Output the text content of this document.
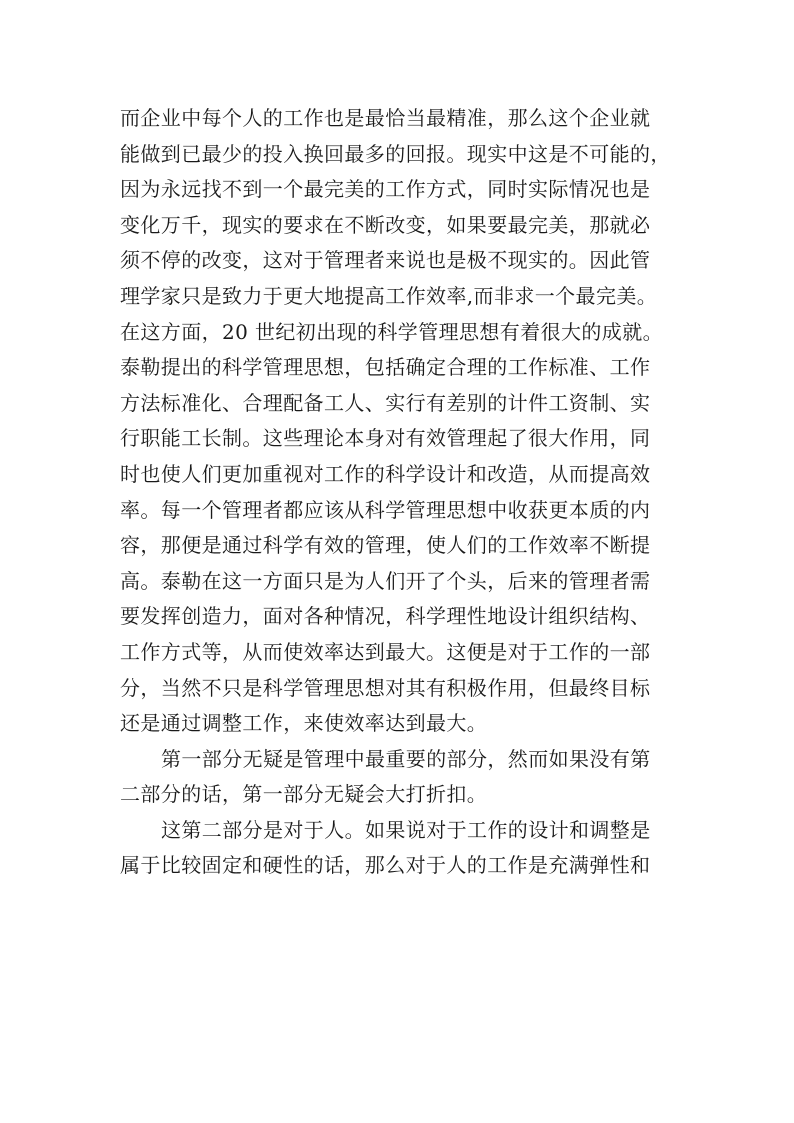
而企业中每个人的工作也是最恰当最精准，那么这个企业就
能做到已最少的投入换回最多的回报。现实中这是不可能的，
因为永远找不到一个最完美的工作方式，同时实际情况也是
变化万千，现实的要求在不断改变，如果要最完美，那就必
须不停的改变，这对于管理者来说也是极不现实的。因此管
理学家只是致力于更大地提高工作效率,而非求一个最完美。
在这方面，20 世纪初出现的科学管理思想有着很大的成就。
泰勒提出的科学管理思想，包括确定合理的工作标准、工作
方法标准化、合理配备工人、实行有差别的计件工资制、实
行职能工长制。这些理论本身对有效管理起了很大作用，同
时也使人们更加重视对工作的科学设计和改造，从而提高效
率。每一个管理者都应该从科学管理思想中收获更本质的内
容，那便是通过科学有效的管理，使人们的工作效率不断提
高。泰勒在这一方面只是为人们开了个头，后来的管理者需
要发挥创造力，面对各种情况，科学理性地设计组织结构、
工作方式等，从而使效率达到最大。这便是对于工作的一部
分，当然不只是科学管理思想对其有积极作用，但最终目标
还是通过调整工作，来使效率达到最大。
第一部分无疑是管理中最重要的部分，然而如果没有第
二部分的话，第一部分无疑会大打折扣。
这第二部分是对于人。如果说对于工作的设计和调整是
属于比较固定和硬性的话，那么对于人的工作是充满弹性和
